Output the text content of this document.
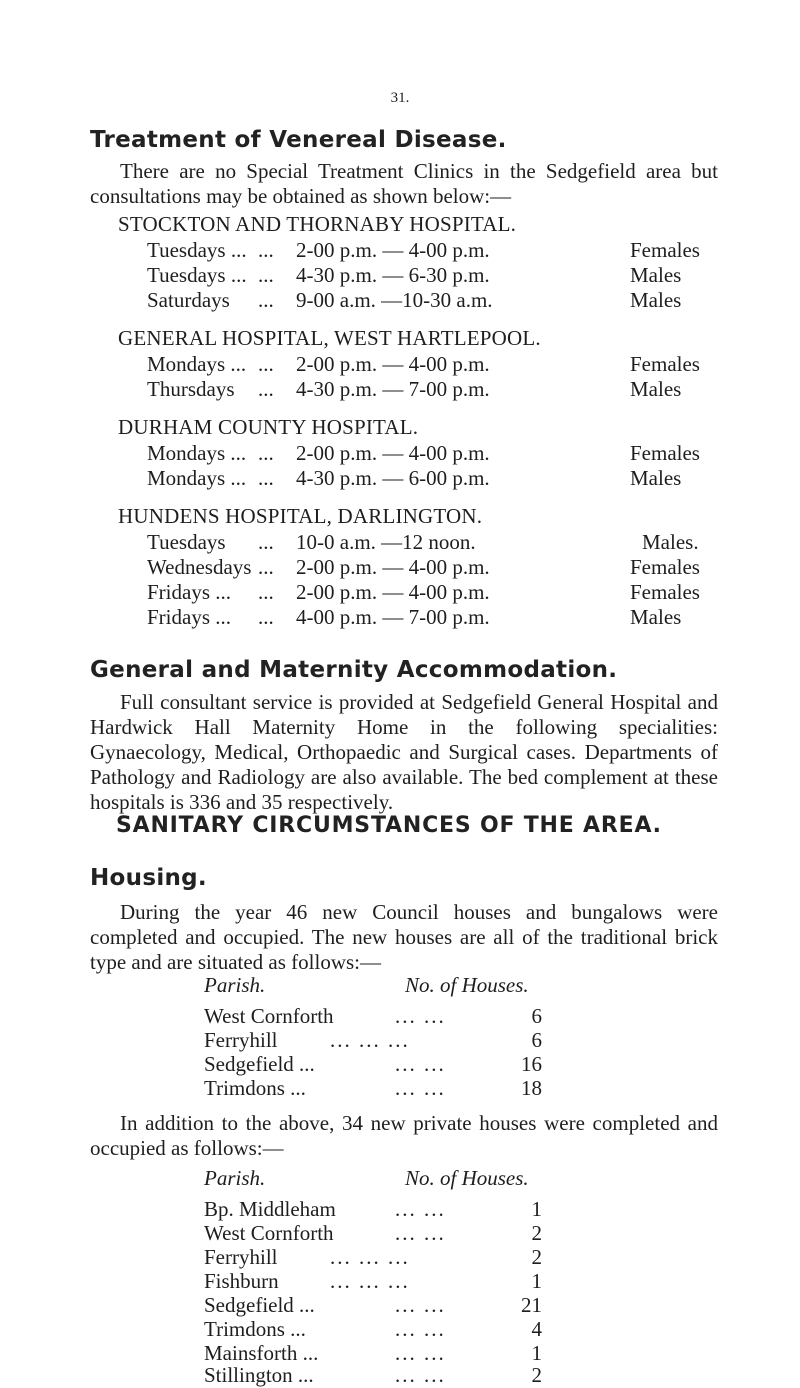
31.
Treatment of Venereal Disease.

There are no Special Treatment Clinics in the Sedgefield area but consultations may be obtained as shown below:—

STOCKTON AND THORNABY HOSPITAL.
Tuesdays ... ... 2-00 p.m. — 4-00 p.m.	Females
Tuesdays ... ... 4-30 p.m. — 6-30 p.m.	Males
Saturdays ... 9-00 a.m. —10-30 a.m.	Males
GENERAL HOSPITAL, WEST HARTLEPOOL.
Mondays ... ... 2-00 p.m. — 4-00 p.m.	Females
Thursdays ... 4-30 p.m. — 7-00 p.m.	Males
DURHAM COUNTY HOSPITAL.
Mondays ... ... 2-00 p.m. — 4-00 p.m.	Females
Mondays ... ... 4-30 p.m. — 6-00 p.m.	Males
HUNDENS HOSPITAL, DARLINGTON.
Tuesdays ... 10-0 a.m. —12 noon.	Males.
Wednesdays ... 2-00 p.m. — 4-00 p.m.	Females
Fridays ... ... 2-00 p.m. — 4-00 p.m.	Females
Fridays ... ... 4-00 p.m. — 7-00 p.m.	Males
General and Maternity Accommodation.

Full consultant service is provided at Sedgefield General Hospital and Hardwick Hall Maternity Home in the following specialities: Gynaecology, Medical, Orthopaedic and Surgical cases. Departments of Pathology and Radiology are also available. The bed complement at these hospitals is 336 and 35 respectively.

SANITARY CIRCUMSTANCES OF THE AREA.
Housing.

During the year 46 new Council houses and bungalows were completed and occupied. The new houses are all of the traditional brick type and are situated as follows:—

Parish.	No. of Houses.
West Cornforth	... ...	6
Ferryhill	... ... ...	6
Sedgefield ...	... ...	16
Trimdons ...	... ...	18

In addition to the above, 34 new private houses were completed and occupied as follows:—

Parish.	No. of Houses.
Bp. Middleham	... ...	1
West Cornforth	... ...	2
Ferryhill	... ... ...	2
Fishburn ... ... ...	1
Sedgefield ...	... ...	21
Trimdons ...	... ...	4
Mainsforth ...	... ...	1
Stillington ...	... ...	2
